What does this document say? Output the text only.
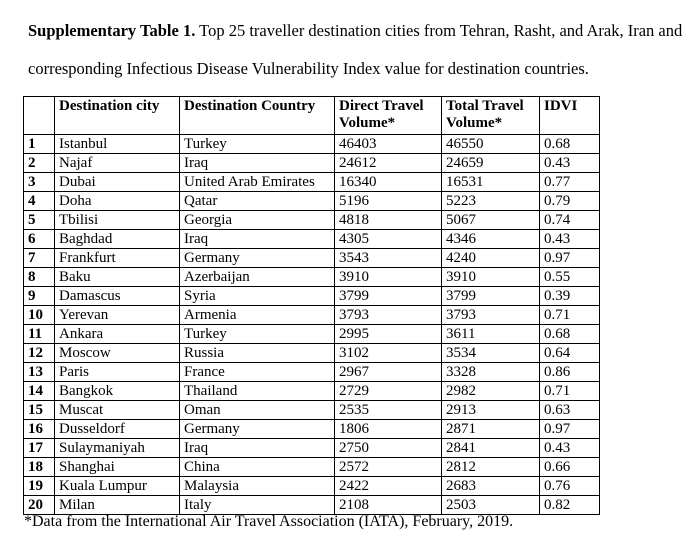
Supplementary Table 1. Top 25 traveller destination cities from Tehran, Rasht, and Arak, Iran and corresponding Infectious Disease Vulnerability Index value for destination countries.
	Destination city	Destination Country	Direct Travel Volume*	Total Travel Volume*	IDVI
1	Istanbul	Turkey	46403	46550	0.68
2	Najaf	Iraq	24612	24659	0.43
3	Dubai	United Arab Emirates	16340	16531	0.77
4	Doha	Qatar	5196	5223	0.79
5	Tbilisi	Georgia	4818	5067	0.74
6	Baghdad	Iraq	4305	4346	0.43
7	Frankfurt	Germany	3543	4240	0.97
8	Baku	Azerbaijan	3910	3910	0.55
9	Damascus	Syria	3799	3799	0.39
10	Yerevan	Armenia	3793	3793	0.71
11	Ankara	Turkey	2995	3611	0.68
12	Moscow	Russia	3102	3534	0.64
13	Paris	France	2967	3328	0.86
14	Bangkok	Thailand	2729	2982	0.71
15	Muscat	Oman	2535	2913	0.63
16	Dusseldorf	Germany	1806	2871	0.97
17	Sulaymaniyah	Iraq	2750	2841	0.43
18	Shanghai	China	2572	2812	0.66
19	Kuala Lumpur	Malaysia	2422	2683	0.76
20	Milan	Italy	2108	2503	0.82
*Data from the International Air Travel Association (IATA), February, 2019.
